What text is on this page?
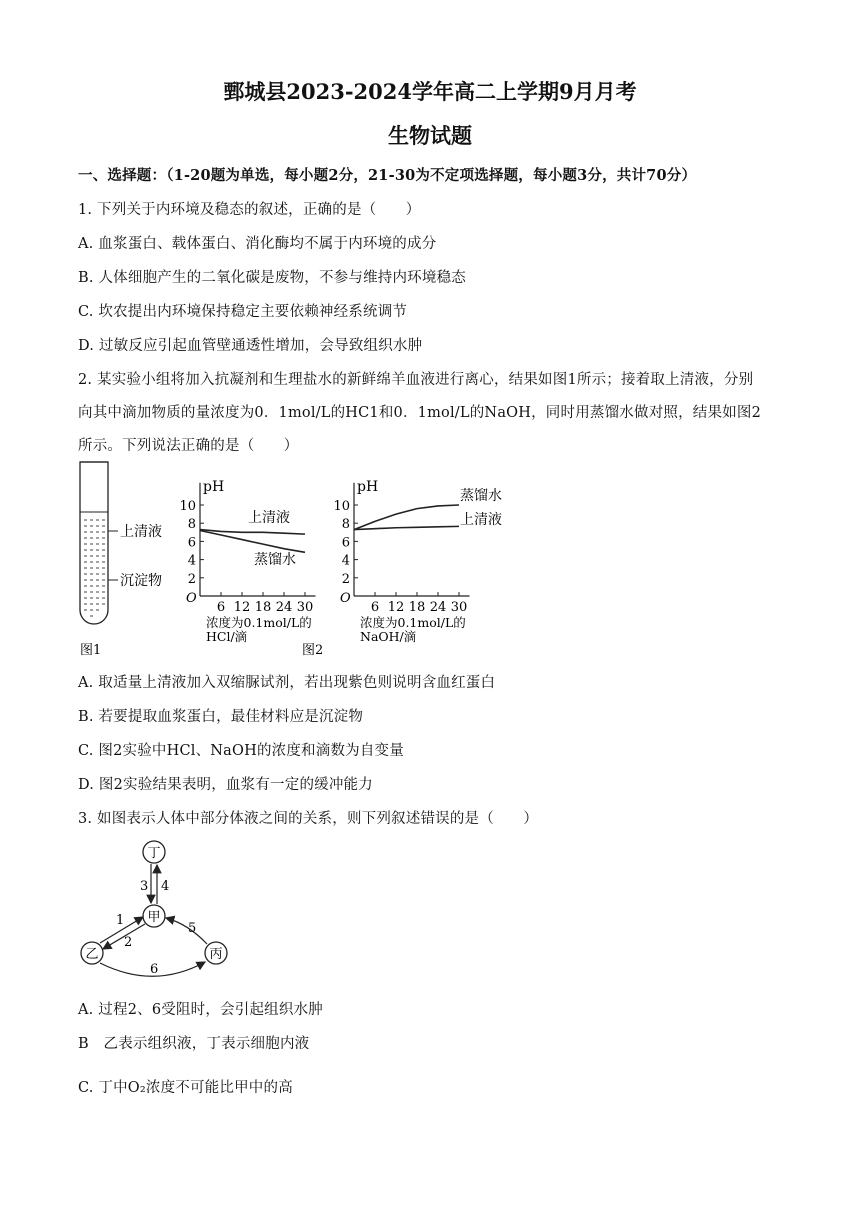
鄄城县2023-2024学年高二上学期9月月考
生物试题
一、选择题：（1-20题为单选，每小题2分，21-30为不定项选择题，每小题3分，共计70分）
1. 下列关于内环境及稳态的叙述，正确的是（　　）
A. 血浆蛋白、载体蛋白、消化酶均不属于内环境的成分
B. 人体细胞产生的二氧化碳是废物，不参与维持内环境稳态
C. 坎农提出内环境保持稳定主要依赖神经系统调节
D. 过敏反应引起血管壁通透性增加，会导致组织水肿
2. 某实验小组将加入抗凝剂和生理盐水的新鲜绵羊血液进行离心，结果如图1所示；接着取上清液，分别
向其中滴加物质的量浓度为0．1mol/L的HC1和0．1mol/L的NaOH，同时用蒸馏水做对照，结果如图2
所示。下列说法正确的是（　　）
上清液
沉淀物
图1
pH
O
2
4
6
8
10
6 12 18 24 30
浓度为0.1mol/L的
HCl/滴
上清液
蒸馏水
pH
O
2
4
6
8
10
6 12 18 24 30
浓度为0.1mol/L的
NaOH/滴
蒸馏水
上清液
图2
A. 取适量上清液加入双缩脲试剂，若出现紫色则说明含血红蛋白
B. 若要提取血浆蛋白，最佳材料应是沉淀物
C. 图2实验中HCl、NaOH的浓度和滴数为自变量
D. 图2实验结果表明，血浆有一定的缓冲能力
3. 如图表示人体中部分体液之间的关系，则下列叙述错误的是（　　）
丁
甲
乙	丙
3 4
1
2
5
6
A. 过程2、6受阻时，会引起组织水肿
B　乙表示组织液，丁表示细胞内液
C. 丁中O₂浓度不可能比甲中的高
